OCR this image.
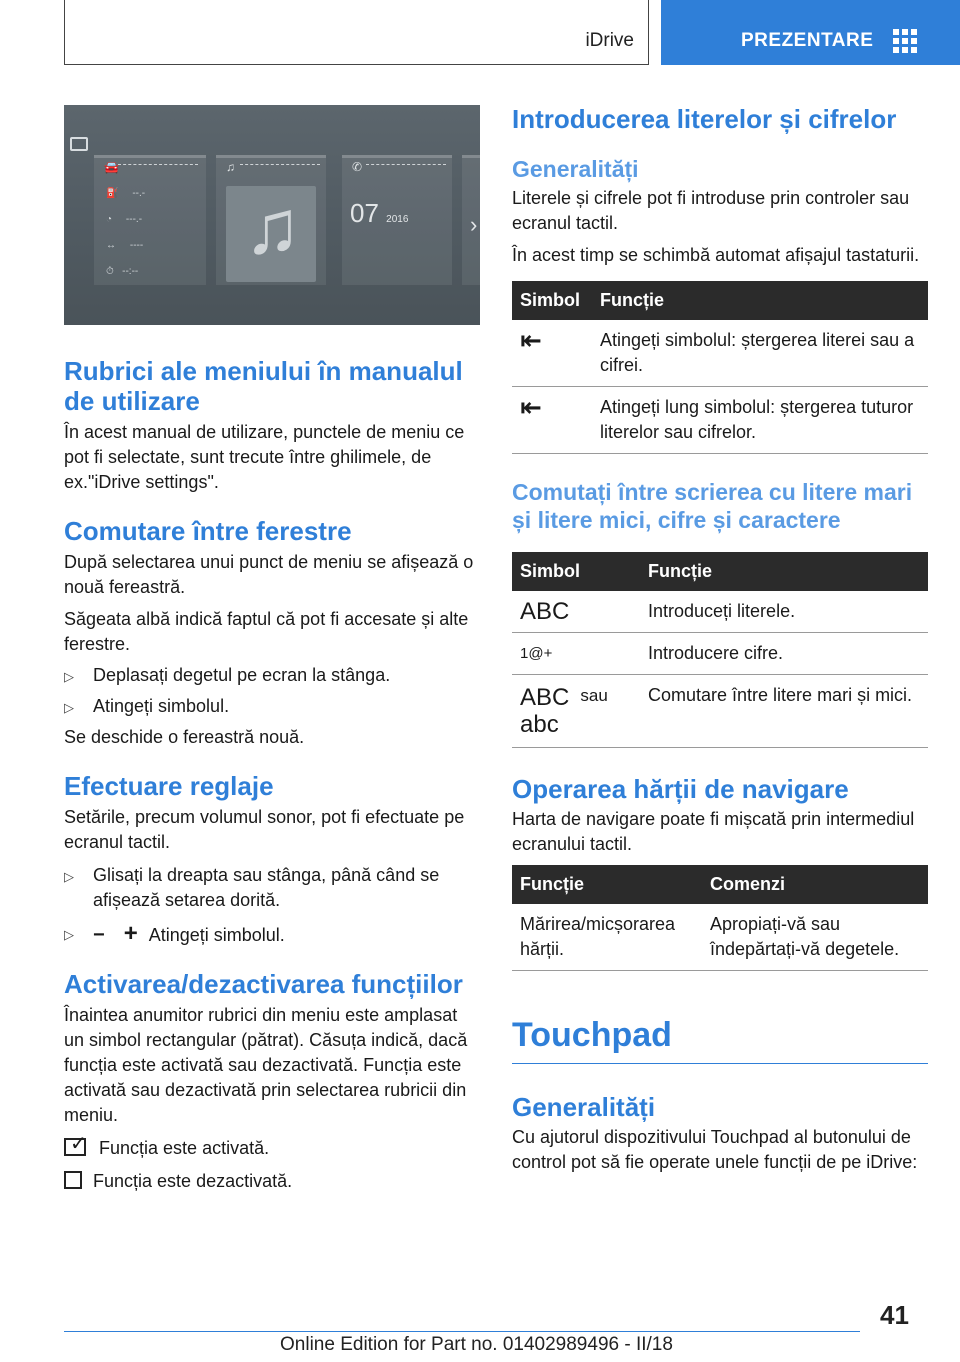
iDrive	PREZENTARE
🚘
⛽     --.-
◔     ---.-
↔     ----
⏱   --:--
♫
♫
✆
07 2016	›
Rubrici ale meniului în manualul de utilizare

În acest manual de utilizare, punctele de meniu ce pot fi selectate, sunt trecute între ghilimele, de ex."iDrive settings".

Comutare între ferestre

După selectarea unui punct de meniu se afișează o nouă fereastră.

Săgeata albă indică faptul că pot fi accesate și alte ferestre.

▷ Deplasați degetul pe ecran la stânga.
▷ Atingeți simbolul.

Se deschide o fereastră nouă.

Efectuare reglaje

Setările, precum volumul sonor, pot fi efectuate pe ecranul tactil.

▷ Glisați la dreapta sau stânga, până când se afișează setarea dorită.
▷ − + Atingeți simbolul.
Activarea/dezactivarea funcțiilor

Înaintea anumitor rubrici din meniu este amplasat un simbol rectangular (pătrat). Căsuța indică, dacă funcția este activată sau dezactivată. Funcția este activată sau dezactivată prin selectarea rubricii din meniu.

✓ Funcția este activată.
Funcția este dezactivată.
Introducerea literelor și cifrelor
Generalități

Literele și cifrele pot fi introduse prin controler sau ecranul tactil.

În acest timp se schimbă automat afișajul tastaturii.

Simbol	Funcție
⇤	Atingeți simbolul: ștergerea literei sau a cifrei.
⇤	Atingeți lung simbolul: ștergerea tuturor literelor sau cifrelor.
Comutați între scrierea cu litere mari și litere mici, cifre și caractere
Simbol	Funcție
ABC	Introduceți literele.
1@+	Introducere cifre.
ABC sau
abc	Comutare între litere mari și mici.
Operarea hărții de navigare

Harta de navigare poate fi mișcată prin intermediul ecranului tactil.

Funcție	Comenzi
Mărirea/micșorarea hărții.	Apropiați-vă sau îndepărtați-vă degetele.
Touchpad
Generalități

Cu ajutorul dispozitivului Touchpad al butonului de control pot să fie operate unele funcții de pe iDrive:

41
Online Edition for Part no. 01402989496 - II/18
